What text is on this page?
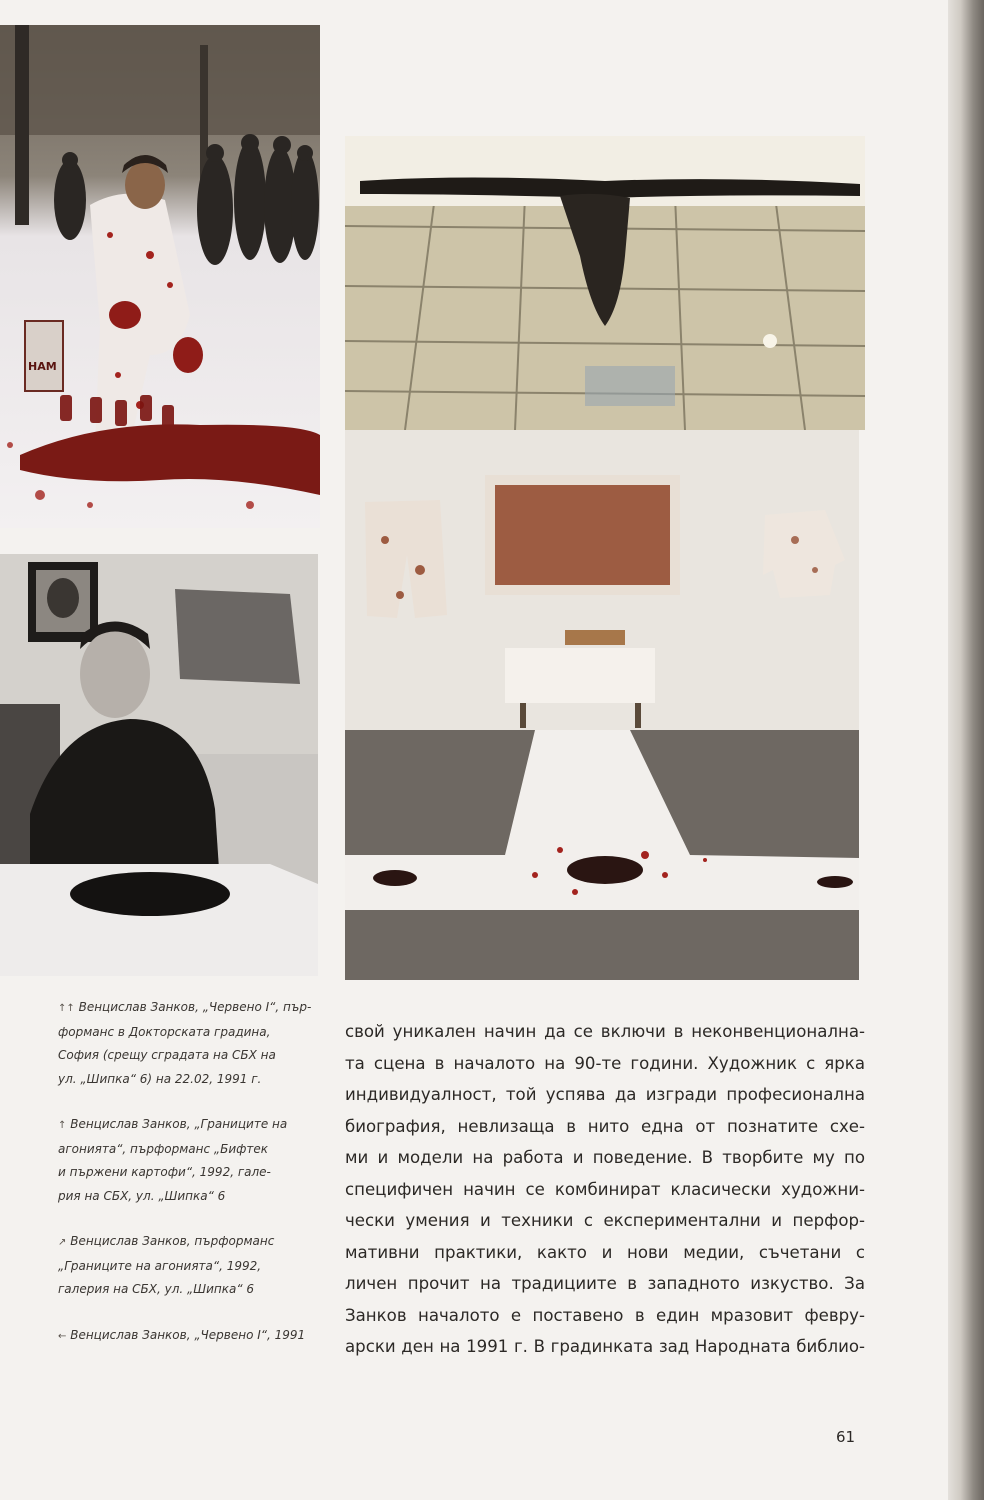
HAM

↑↑ Венцислав Занков, „Червено I“, пър-
форманс в Докторската градина,
София (срещу сградата на СБХ на
ул. „Шипка“ 6) на 22.02, 1991 г.

↑ Венцислав Занков, „Границите на
агонията“, пърформанс „Бифтек
и пържени картофи“, 1992, гале-
рия на СБХ, ул. „Шипка“ 6

↗ Венцислав Занков, пърформанс
„Границите на агонията“, 1992,
галерия на СБХ, ул. „Шипка“ 6

← Венцислав Занков, „Червено I“, 1991

свой уникален начин да се включи в неконвенционална-
та сцена в началото на 90-те години. Художник с ярка
индивидуалност, той успява да изгради професионална
биография, невлизаща в нито една от познатите схе-
ми и модели на работа и поведение. В творбите му по
специфичен начин се комбинират класически художни-
чески умения и техники с експериментални и перфор-
мативни практики, както и нови медии, съчетани с
личен прочит на традициите в западното изкуство. За
Занков началото е поставено в един мразовит февру-
арски ден на 1991 г. В градинката зад Народната библио-
61
